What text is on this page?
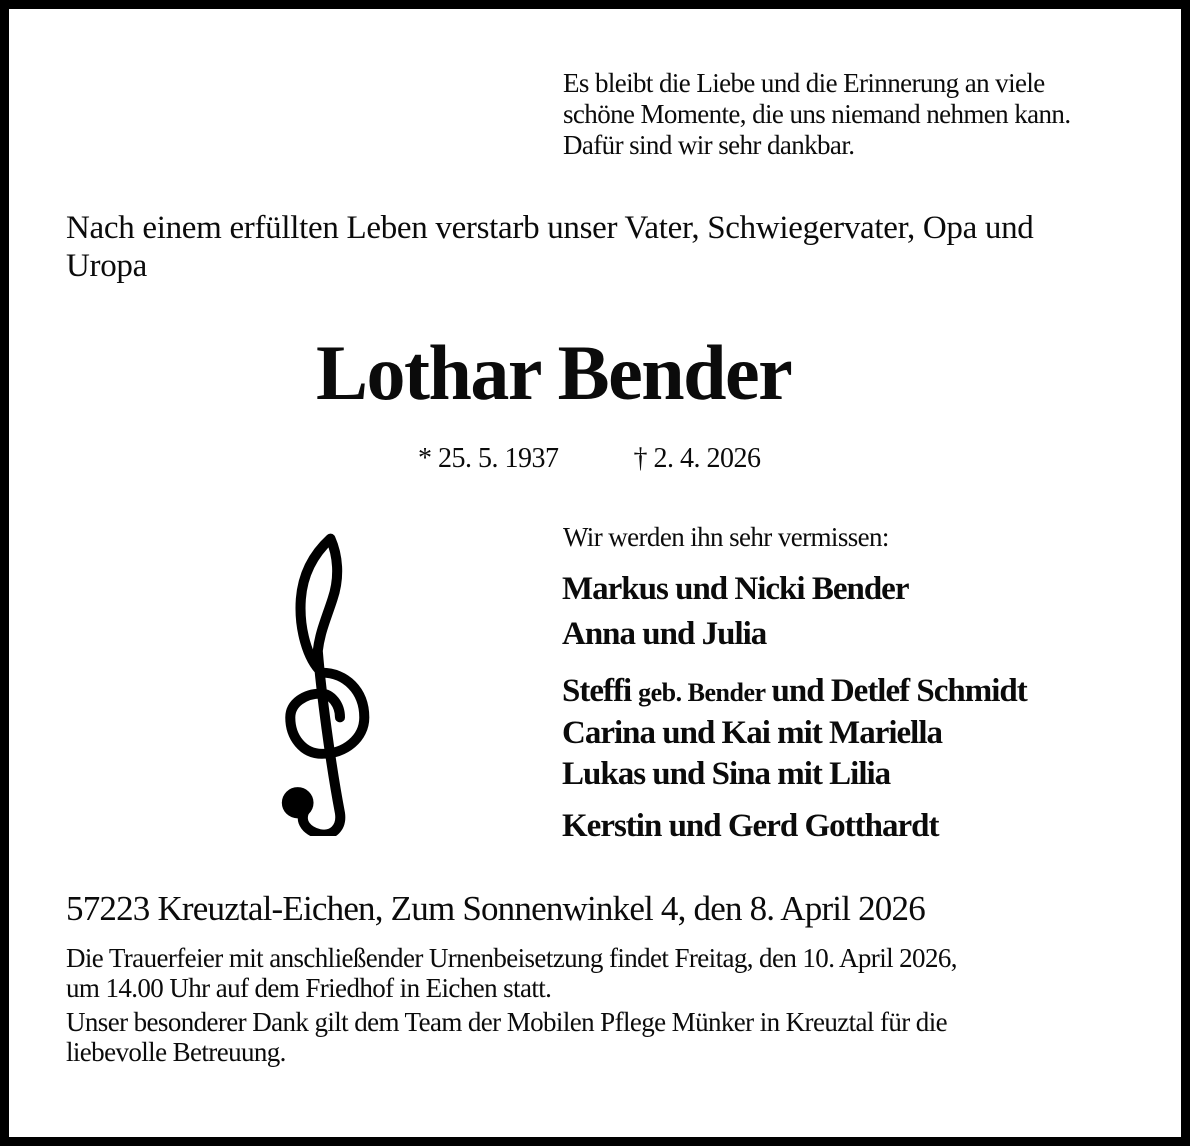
Es bleibt die Liebe und die Erinnerung an viele
schöne Momente, die uns niemand nehmen kann.
Dafür sind wir sehr dankbar.
Nach einem erfüllten Leben verstarb unser Vater, Schwiegervater, Opa und
Uropa
Lothar Bender
* 25. 5. 1937	† 2. 4. 2026
Wir werden ihn sehr vermissen:
Markus und Nicki Bender
Anna und Julia
Steffi geb. Bender und Detlef Schmidt
Carina und Kai mit Mariella
Lukas und Sina mit Lilia
Kerstin und Gerd Gotthardt
57223 Kreuztal-Eichen, Zum Sonnenwinkel 4, den 8. April 2026
Die Trauerfeier mit anschließender Urnenbeisetzung findet Freitag, den 10. April 2026,
um 14.00 Uhr auf dem Friedhof in Eichen statt.
Unser besonderer Dank gilt dem Team der Mobilen Pflege Münker in Kreuztal für die
liebevolle Betreuung.
